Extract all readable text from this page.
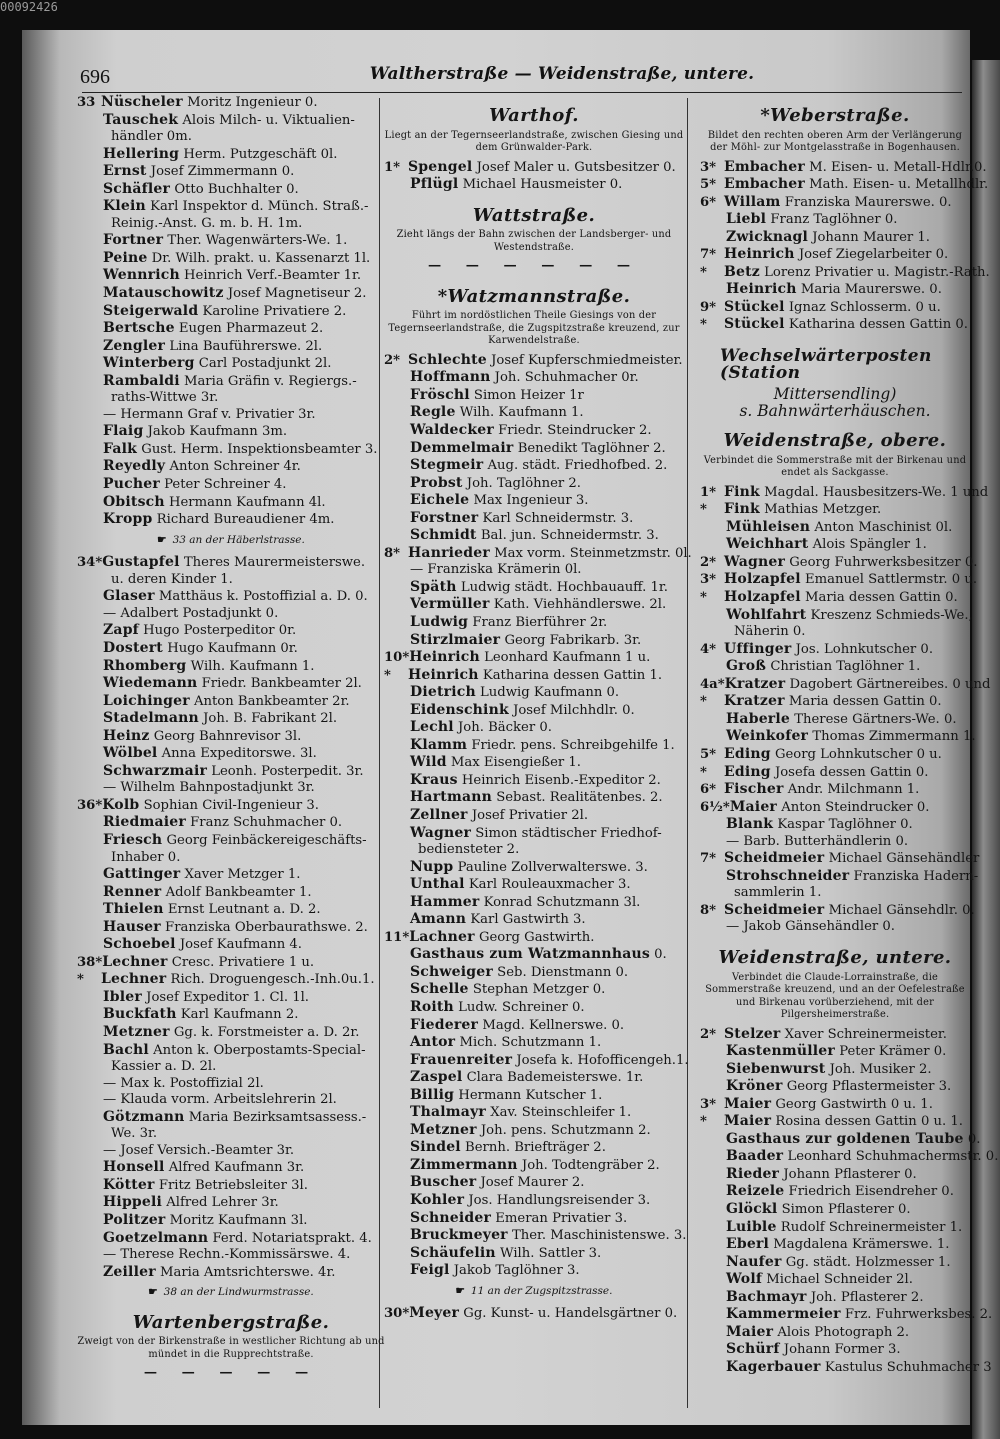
00092426
696	Waltherstraße — Weidenstraße, untere.
33 Nüscheler Moritz Ingenieur 0.
Tauschek Alois Milch- u. Viktualien-
händler 0m.
Hellering Herm. Putzgeschäft 0l.
Ernst Josef Zimmermann 0.
Schäfler Otto Buchhalter 0.
Klein Karl Inspektor d. Münch. Straß.-
Reinig.-Anst. G. m. b. H. 1m.
Fortner Ther. Wagenwärters-We. 1.
Peine Dr. Wilh. prakt. u. Kassenarzt 1l.
Wennrich Heinrich Verf.-Beamter 1r.
Matauschowitz Josef Magnetiseur 2.
Steigerwald Karoline Privatiere 2.
Bertsche Eugen Pharmazeut 2.
Zengler Lina Bauführerswe. 2l.
Winterberg Carl Postadjunkt 2l.
Rambaldi Maria Gräfin v. Regiergs.-
raths-Wittwe 3r.
— Hermann Graf v. Privatier 3r.
Flaig Jakob Kaufmann 3m.
Falk Gust. Herm. Inspektionsbeamter 3.
Reyedly Anton Schreiner 4r.
Pucher Peter Schreiner 4.
Obitsch Hermann Kaufmann 4l.
Kropp Richard Bureaudiener 4m.
☛ 33 an der Häberlstrasse.
34*Gustapfel Theres Maurermeisterswe.
u. deren Kinder 1.
Glaser Matthäus k. Postoffizial a. D. 0.
— Adalbert Postadjunkt 0.
Zapf Hugo Posterpeditor 0r.
Dostert Hugo Kaufmann 0r.
Rhomberg Wilh. Kaufmann 1.
Wiedemann Friedr. Bankbeamter 2l.
Loichinger Anton Bankbeamter 2r.
Stadelmann Joh. B. Fabrikant 2l.
Heinz Georg Bahnrevisor 3l.
Wölbel Anna Expeditorswe. 3l.
Schwarzmair Leonh. Posterpedit. 3r.
— Wilhelm Bahnpostadjunkt 3r.
36*Kolb Sophian Civil-Ingenieur 3.
Riedmaier Franz Schuhmacher 0.
Friesch Georg Feinbäckereigeschäfts-
Inhaber 0.
Gattinger Xaver Metzger 1.
Renner Adolf Bankbeamter 1.
Thielen Ernst Leutnant a. D. 2.
Hauser Franziska Oberbaurathswe. 2.
Schoebel Josef Kaufmann 4.
38*Lechner Cresc. Privatiere 1 u.
* Lechner Rich. Droguengesch.-Inh.0u.1.
Ibler Josef Expeditor 1. Cl. 1l.
Buckfath Karl Kaufmann 2.
Metzner Gg. k. Forstmeister a. D. 2r.
Bachl Anton k. Oberpostamts-Special-
Kassier a. D. 2l.
— Max k. Postoffizial 2l.
— Klauda vorm. Arbeitslehrerin 2l.
Götzmann Maria Bezirksamtsassess.-
We. 3r.
— Josef Versich.-Beamter 3r.
Honsell Alfred Kaufmann 3r.
Kötter Fritz Betriebsleiter 3l.
Hippeli Alfred Lehrer 3r.
Politzer Moritz Kaufmann 3l.
Goetzelmann Ferd. Notariatsprakt. 4.
— Therese Rechn.-Kommissärswe. 4.
Zeiller Maria Amtsrichterswe. 4r.
☛ 38 an der Lindwurmstrasse.
Wartenbergstraße.
Zweigt von der Birkenstraße in westlicher Richtung ab und mündet in die Rupprechtstraße.
— — — — —
Warthof.
Liegt an der Tegernseerlandstraße, zwischen Giesing und dem Grünwalder-Park.
1* Spengel Josef Maler u. Gutsbesitzer 0.
Pflügl Michael Hausmeister 0.
Wattstraße.
Zieht längs der Bahn zwischen der Landsberger- und Westendstraße.
— — — — — —
*Watzmannstraße.
Führt im nordöstlichen Theile Giesings von der Tegernseerlandstraße, die Zugspitzstraße kreuzend, zur Karwendelstraße.
2* Schlechte Josef Kupferschmiedmeister.
Hoffmann Joh. Schuhmacher 0r.
Fröschl Simon Heizer 1r
Regle Wilh. Kaufmann 1.
Waldecker Friedr. Steindrucker 2.
Demmelmair Benedikt Taglöhner 2.
Stegmeir Aug. städt. Friedhofbed. 2.
Probst Joh. Taglöhner 2.
Eichele Max Ingenieur 3.
Forstner Karl Schneidermstr. 3.
Schmidt Bal. jun. Schneidermstr. 3.
8* Hanrieder Max vorm. Steinmetzmstr. 0l.
— Franziska Krämerin 0l.
Späth Ludwig städt. Hochbauauff. 1r.
Vermüller Kath. Viehhändlerswe. 2l.
Ludwig Franz Bierführer 2r.
Stirzlmaier Georg Fabrikarb. 3r.
10*Heinrich Leonhard Kaufmann 1 u.
* Heinrich Katharina dessen Gattin 1.
Dietrich Ludwig Kaufmann 0.
Eidenschink Josef Milchhdlr. 0.
Lechl Joh. Bäcker 0.
Klamm Friedr. pens. Schreibgehilfe 1.
Wild Max Eisengießer 1.
Kraus Heinrich Eisenb.-Expeditor 2.
Hartmann Sebast. Realitätenbes. 2.
Zellner Josef Privatier 2l.
Wagner Simon städtischer Friedhof-
bediensteter 2.
Nupp Pauline Zollverwalterswe. 3.
Unthal Karl Rouleauxmacher 3.
Hammer Konrad Schutzmann 3l.
Amann Karl Gastwirth 3.
11*Lachner Georg Gastwirth.
Gasthaus zum Watzmannhaus 0.
Schweiger Seb. Dienstmann 0.
Schelle Stephan Metzger 0.
Roith Ludw. Schreiner 0.
Fiederer Magd. Kellnerswe. 0.
Antor Mich. Schutzmann 1.
Frauenreiter Josefa k. Hofofficengeh.1.
Zaspel Clara Bademeisterswe. 1r.
Billig Hermann Kutscher 1.
Thalmayr Xav. Steinschleifer 1.
Metzner Joh. pens. Schutzmann 2.
Sindel Bernh. Briefträger 2.
Zimmermann Joh. Todtengräber 2.
Buscher Josef Maurer 2.
Kohler Jos. Handlungsreisender 3.
Schneider Emeran Privatier 3.
Bruckmeyer Ther. Maschinistenswe. 3.
Schäufelin Wilh. Sattler 3.
Feigl Jakob Taglöhner 3.
☛ 11 an der Zugspitzstrasse.
30*Meyer Gg. Kunst- u. Handelsgärtner 0.
*Weberstraße.
Bildet den rechten oberen Arm der Verlängerung der Möhl- zur Montgelasstraße in Bogenhausen.
3* Embacher M. Eisen- u. Metall-Hdlr.0.
5* Embacher Math. Eisen- u. Metallhdlr.
6* Willam Franziska Maurerswe. 0.
Liebl Franz Taglöhner 0.
Zwicknagl Johann Maurer 1.
7* Heinrich Josef Ziegelarbeiter 0.
* Betz Lorenz Privatier u. Magistr.-Rath.
Heinrich Maria Maurerswe. 0.
9* Stückel Ignaz Schlosserm. 0 u.
* Stückel Katharina dessen Gattin 0.
Wechselwärterposten (Station
Mittersendling)
s. Bahnwärterhäuschen.
Weidenstraße, obere.
Verbindet die Sommerstraße mit der Birkenau und endet als Sackgasse.
1* Fink Magdal. Hausbesitzers-We. 1 und
* Fink Mathias Metzger.
Mühleisen Anton Maschinist 0l.
Weichhart Alois Spängler 1.
2* Wagner Georg Fuhrwerksbesitzer 0.
3* Holzapfel Emanuel Sattlermstr. 0 u.
* Holzapfel Maria dessen Gattin 0.
Wohlfahrt Kreszenz Schmieds-We.,
Näherin 0.
4* Uffinger Jos. Lohnkutscher 0.
Groß Christian Taglöhner 1.
4a*Kratzer Dagobert Gärtnereibes. 0 und
* Kratzer Maria dessen Gattin 0.
Haberle Therese Gärtners-We. 0.
Weinkofer Thomas Zimmermann 1.
5* Eding Georg Lohnkutscher 0 u.
* Eding Josefa dessen Gattin 0.
6* Fischer Andr. Milchmann 1.
6½*Maier Anton Steindrucker 0.
Blank Kaspar Taglöhner 0.
— Barb. Butterhändlerin 0.
7* Scheidmeier Michael Gänsehändler
Strohschneider Franziska Hadern-
sammlerin 1.
8* Scheidmeier Michael Gänsehdlr. 0.
— Jakob Gänsehändler 0.
Weidenstraße, untere.
Verbindet die Claude-Lorrainstraße, die Sommerstraße kreuzend, und an der Oefelestraße und Birkenau vorüberziehend, mit der Pilgersheimerstraße.
2* Stelzer Xaver Schreinermeister.
Kastenmüller Peter Krämer 0.
Siebenwurst Joh. Musiker 2.
Kröner Georg Pflastermeister 3.
3* Maier Georg Gastwirth 0 u. 1.
* Maier Rosina dessen Gattin 0 u. 1.
Gasthaus zur goldenen Taube 0.
Baader Leonhard Schuhmachermstr. 0.
Rieder Johann Pflasterer 0.
Reizele Friedrich Eisendreher 0.
Glöckl Simon Pflasterer 0.
Luible Rudolf Schreinermeister 1.
Eberl Magdalena Krämerswe. 1.
Naufer Gg. städt. Holzmesser 1.
Wolf Michael Schneider 2l.
Bachmayr Joh. Pflasterer 2.
Kammermeier Frz. Fuhrwerksbes. 2.
Maier Alois Photograph 2.
Schürf Johann Former 3.
Kagerbauer Kastulus Schuhmacher 3
